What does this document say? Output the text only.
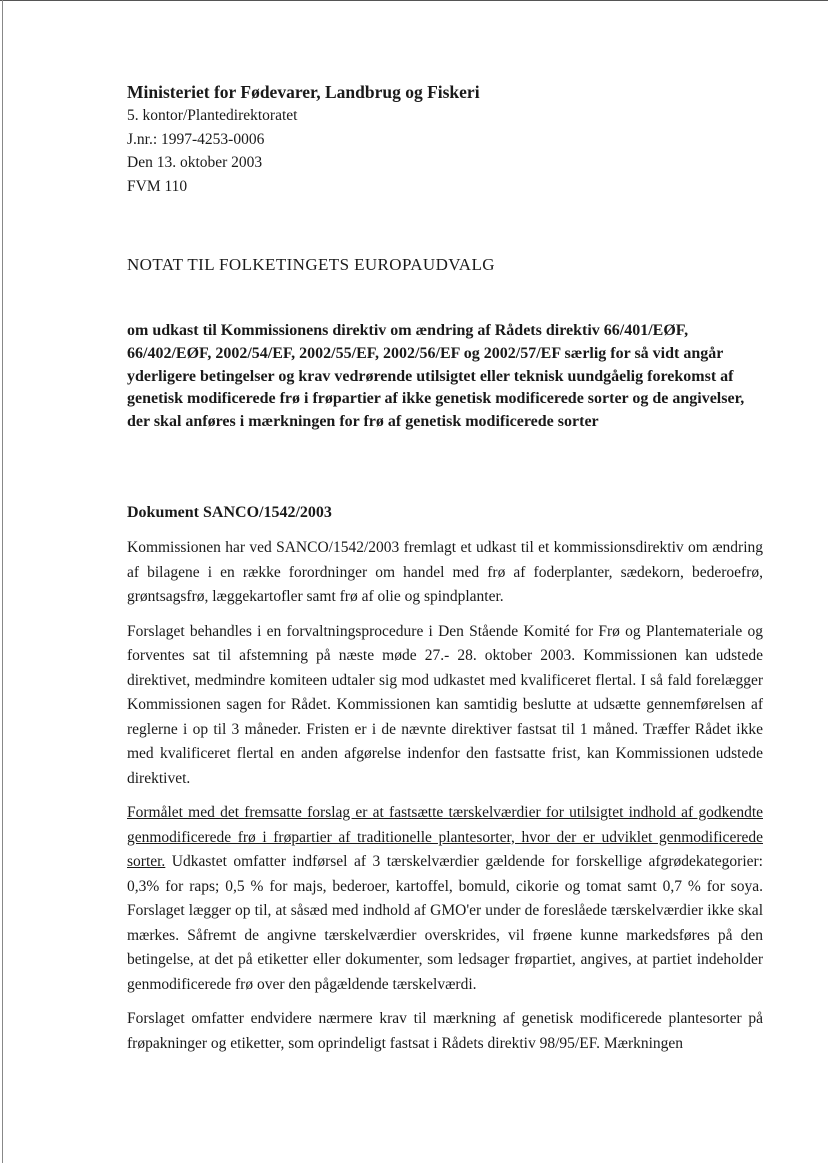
Ministeriet for Fødevarer, Landbrug og Fiskeri
5. kontor/Plantedirektoratet
J.nr.: 1997-4253-0006
Den 13. oktober 2003
FVM 110
NOTAT TIL FOLKETINGETS EUROPAUDVALG
om udkast til Kommissionens direktiv om ændring af Rådets direktiv 66/401/EØF, 66/402/EØF, 2002/54/EF, 2002/55/EF, 2002/56/EF og 2002/57/EF særlig for så vidt angår yderligere betingelser og krav vedrørende utilsigtet eller teknisk uundgåelig forekomst af genetisk modificerede frø i frøpartier af ikke genetisk modificerede sorter og de angivelser, der skal anføres i mærkningen for frø af genetisk modificerede sorter
Dokument SANCO/1542/2003

Kommissionen har ved SANCO/1542/2003 fremlagt et udkast til et kommissionsdirektiv om ændring af bilagene i en række forordninger om handel med frø af foderplanter, sædekorn, bederoefrø, grøntsagsfrø, læggekartofler samt frø af olie og spindplanter.

Forslaget behandles i en forvaltningsprocedure i Den Stående Komité for Frø og Plantemateriale og forventes sat til afstemning på næste møde 27.- 28. oktober 2003. Kommissionen kan udstede direktivet, medmindre komiteen udtaler sig mod udkastet med kvalificeret flertal. I så fald forelægger Kommissionen sagen for Rådet. Kommissionen kan samtidig beslutte at udsætte gennemførelsen af reglerne i op til 3 måneder. Fristen er i de nævnte direktiver fastsat til 1 måned. Træffer Rådet ikke med kvalificeret flertal en anden afgørelse indenfor den fastsatte frist, kan Kommissionen udstede direktivet.

Formålet med det fremsatte forslag er at fastsætte tærskelværdier for utilsigtet indhold af godkendte genmodificerede frø i frøpartier af traditionelle plantesorter, hvor der er udviklet genmodificerede sorter. Udkastet omfatter indførsel af 3 tærskelværdier gældende for forskellige afgrødekategorier: 0,3% for raps; 0,5 % for majs, bederoer, kartoffel, bomuld, cikorie og tomat samt 0,7 % for soya. Forslaget lægger op til, at såsæd med indhold af GMO'er under de foreslåede tærskelværdier ikke skal mærkes. Såfremt de angivne tærskelværdier overskrides, vil frøene kunne markedsføres på den betingelse, at det på etiketter eller dokumenter, som ledsager frøpartiet, angives, at partiet indeholder genmodificerede frø over den pågældende tærskelværdi.

Forslaget omfatter endvidere nærmere krav til mærkning af genetisk modificerede plantesorter på frøpakninger og etiketter, som oprindeligt fastsat i Rådets direktiv 98/95/EF. Mærkningen
